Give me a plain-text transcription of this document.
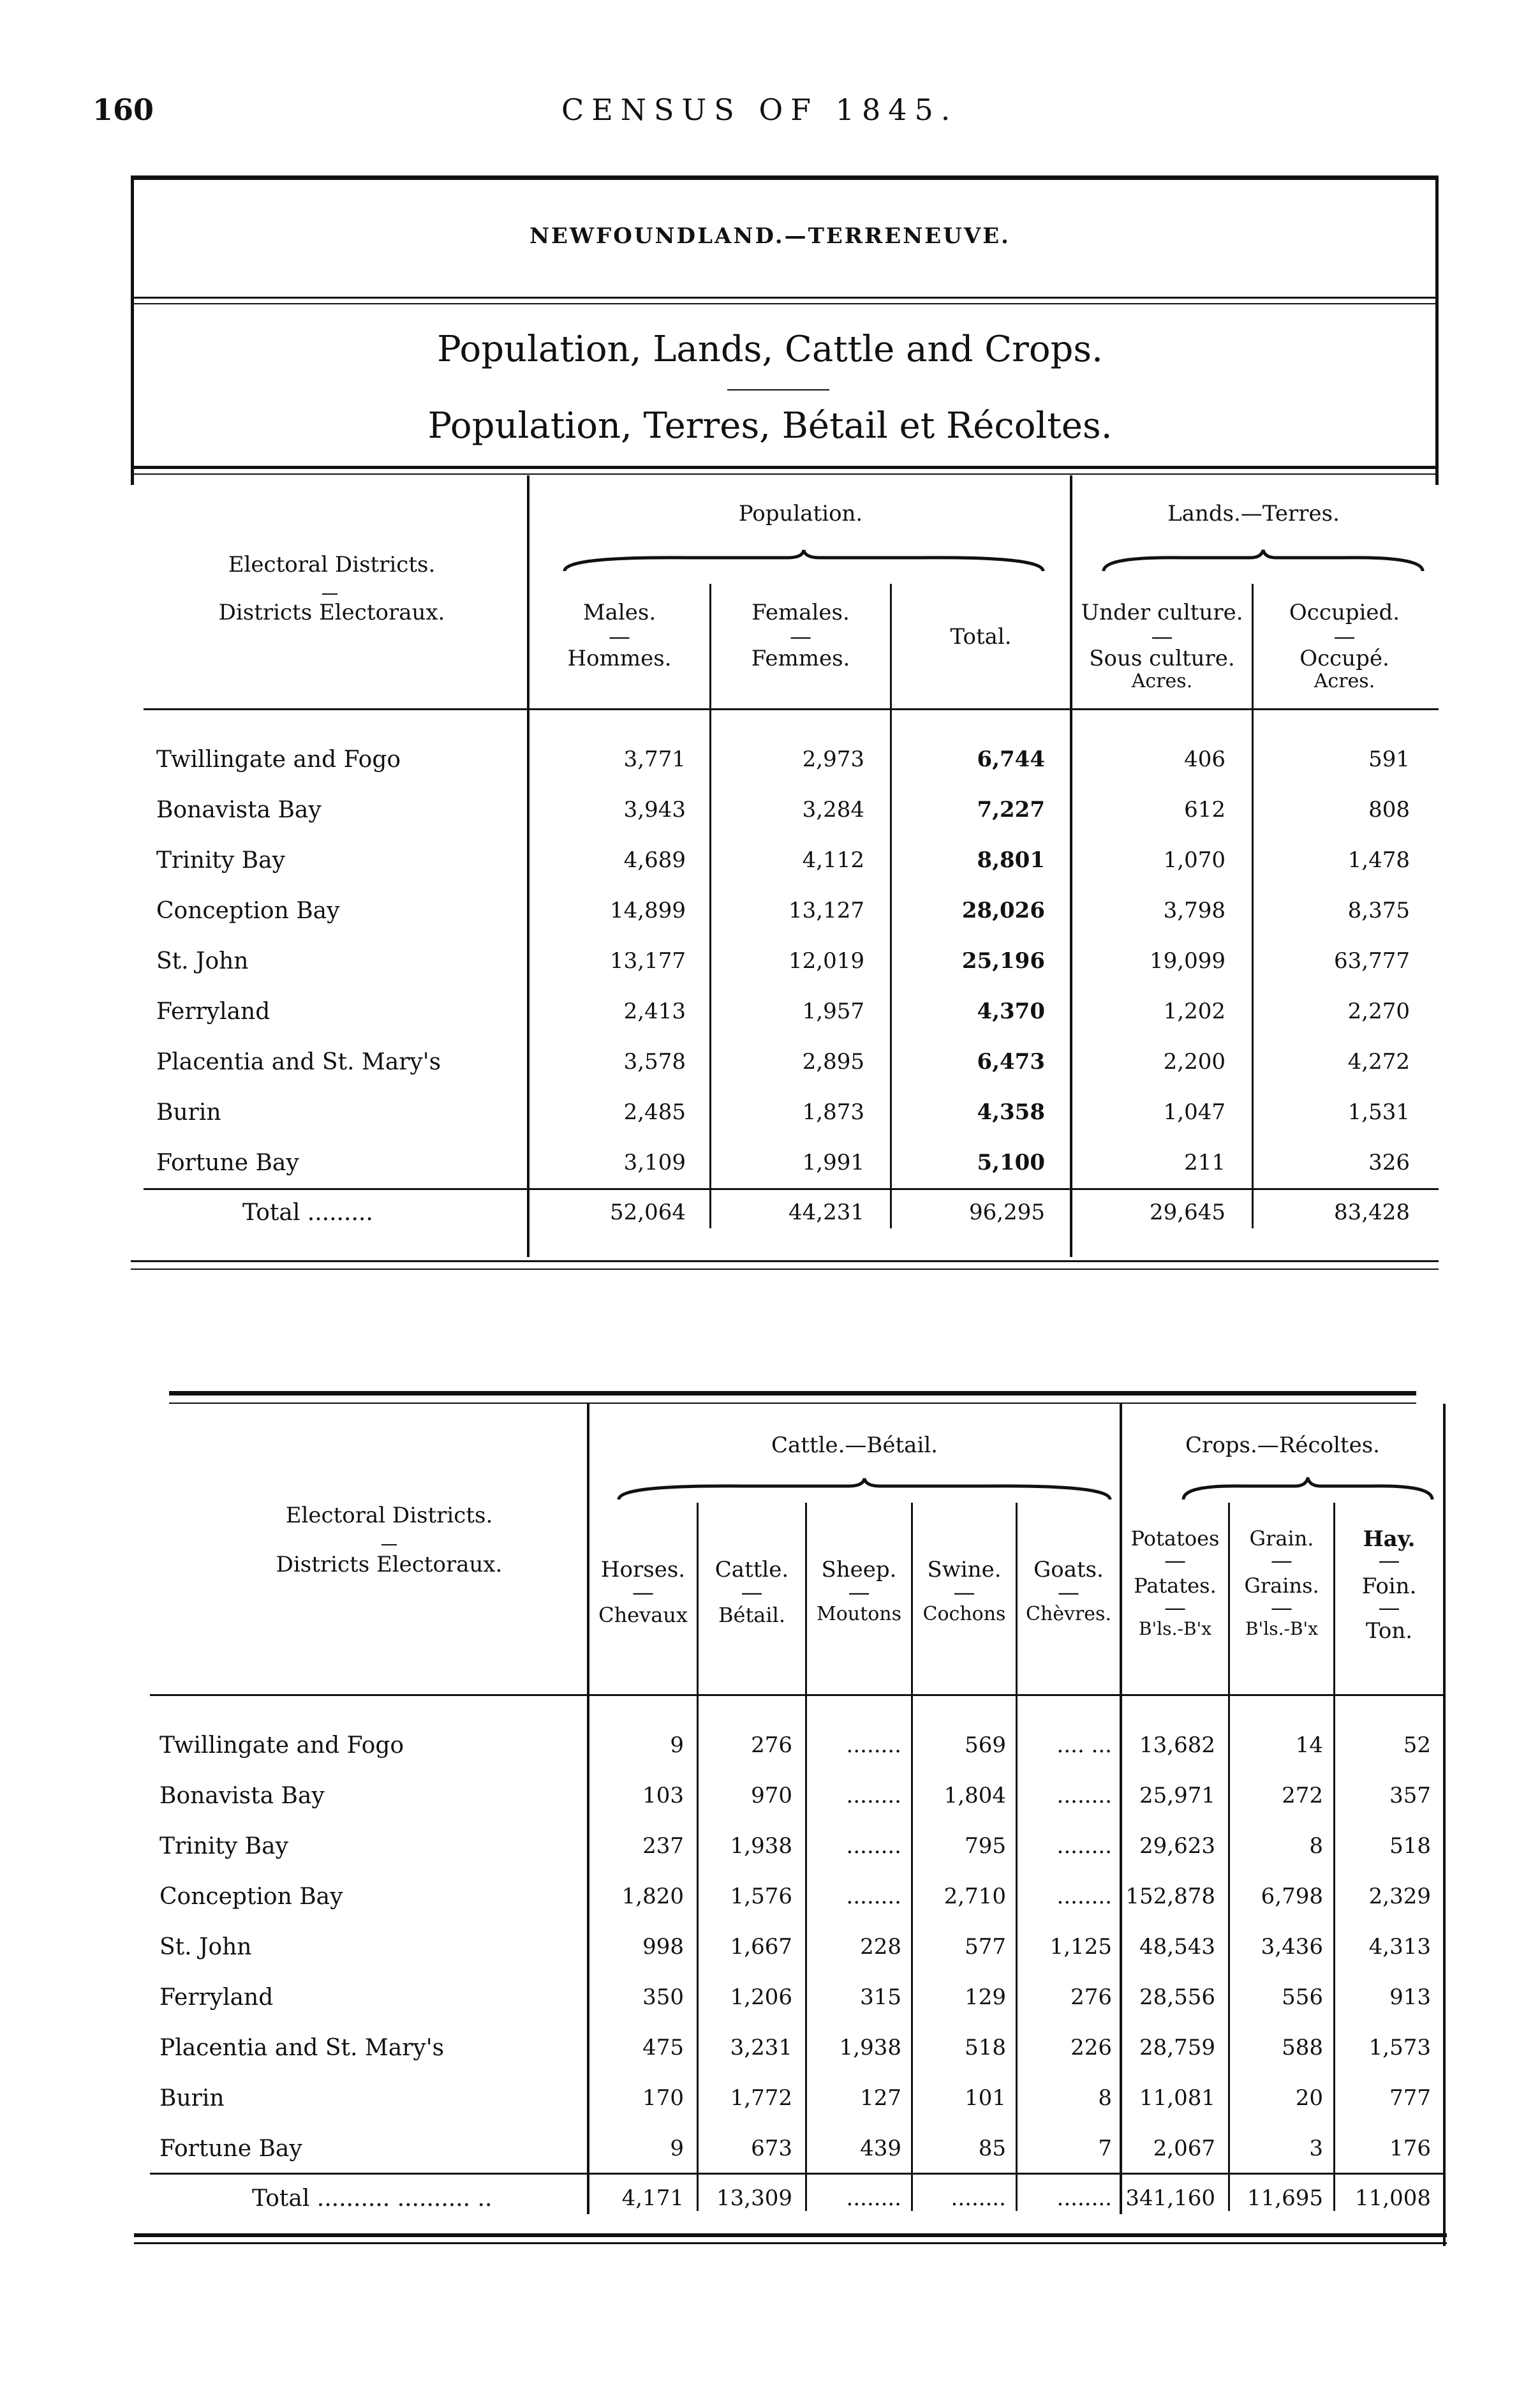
160	CENSUS OF 1845.
NEWFOUNDLAND.—TERRENEUVE.
Population, Lands, Cattle and Crops.
Population, Terres, Bétail et Récoltes.
Electoral Districts.
Districts Electoraux.
Population.	Lands.—Terres.
Males.
—
Hommes.
Females.
—
Femmes.
Total.
Under culture.
—
Sous culture.
Acres.
Occupied.
—
Occupé.
Acres.
Twillingate and Fogo	3,771	2,973	6,744	406	591
Bonavista Bay	3,943	3,284	7,227	612	808
Trinity Bay	4,689	4,112	8,801	1,070	1,478
Conception Bay	14,899	13,127	28,026	3,798	8,375
St. John	13,177	12,019	25,196	19,099	63,777
Ferryland	2,413	1,957	4,370	1,202	2,270
Placentia and St. Mary's	3,578	2,895	6,473	2,200	4,272
Burin	2,485	1,873	4,358	1,047	1,531
Fortune Bay	3,109	1,991	5,100	211	326
Total .........	52,064	44,231	96,295	29,645	83,428
Electoral Districts.
Districts Electoraux.
Cattle.—Bétail.	Crops.—Récoltes.
Horses.
—
Chevaux
Cattle.
—
Bétail.
Sheep.
—
Moutons
Swine.
—
Cochons
Goats.
—
Chèvres.
Potatoes
—
Patates.
—
B'ls.-B'x
Grain.
—
Grains.
—
B'ls.-B'x
Hay.
—
Foin.
—
Ton.
Twillingate and Fogo	9	276	........	569	.... ...	13,682	14	52
Bonavista Bay	103	970	........	1,804	........	25,971	272	357
Trinity Bay	237	1,938	........	795	........	29,623	8	518
Conception Bay	1,820	1,576	........	2,710	........ 152,878	6,798	2,329
St. John	998	1,667	228	577	1,125	48,543	3,436	4,313
Ferryland	350	1,206	315	129	276	28,556	556	913
Placentia and St. Mary's	475	3,231	1,938	518	226	28,759	588	1,573
Burin	170	1,772	127	101	8	11,081	20	777
Fortune Bay	9	673	439	85	7	2,067	3	176
Total .......... .......... ..	4,171	13,309	........	........	........ 341,160	11,695	11,008
